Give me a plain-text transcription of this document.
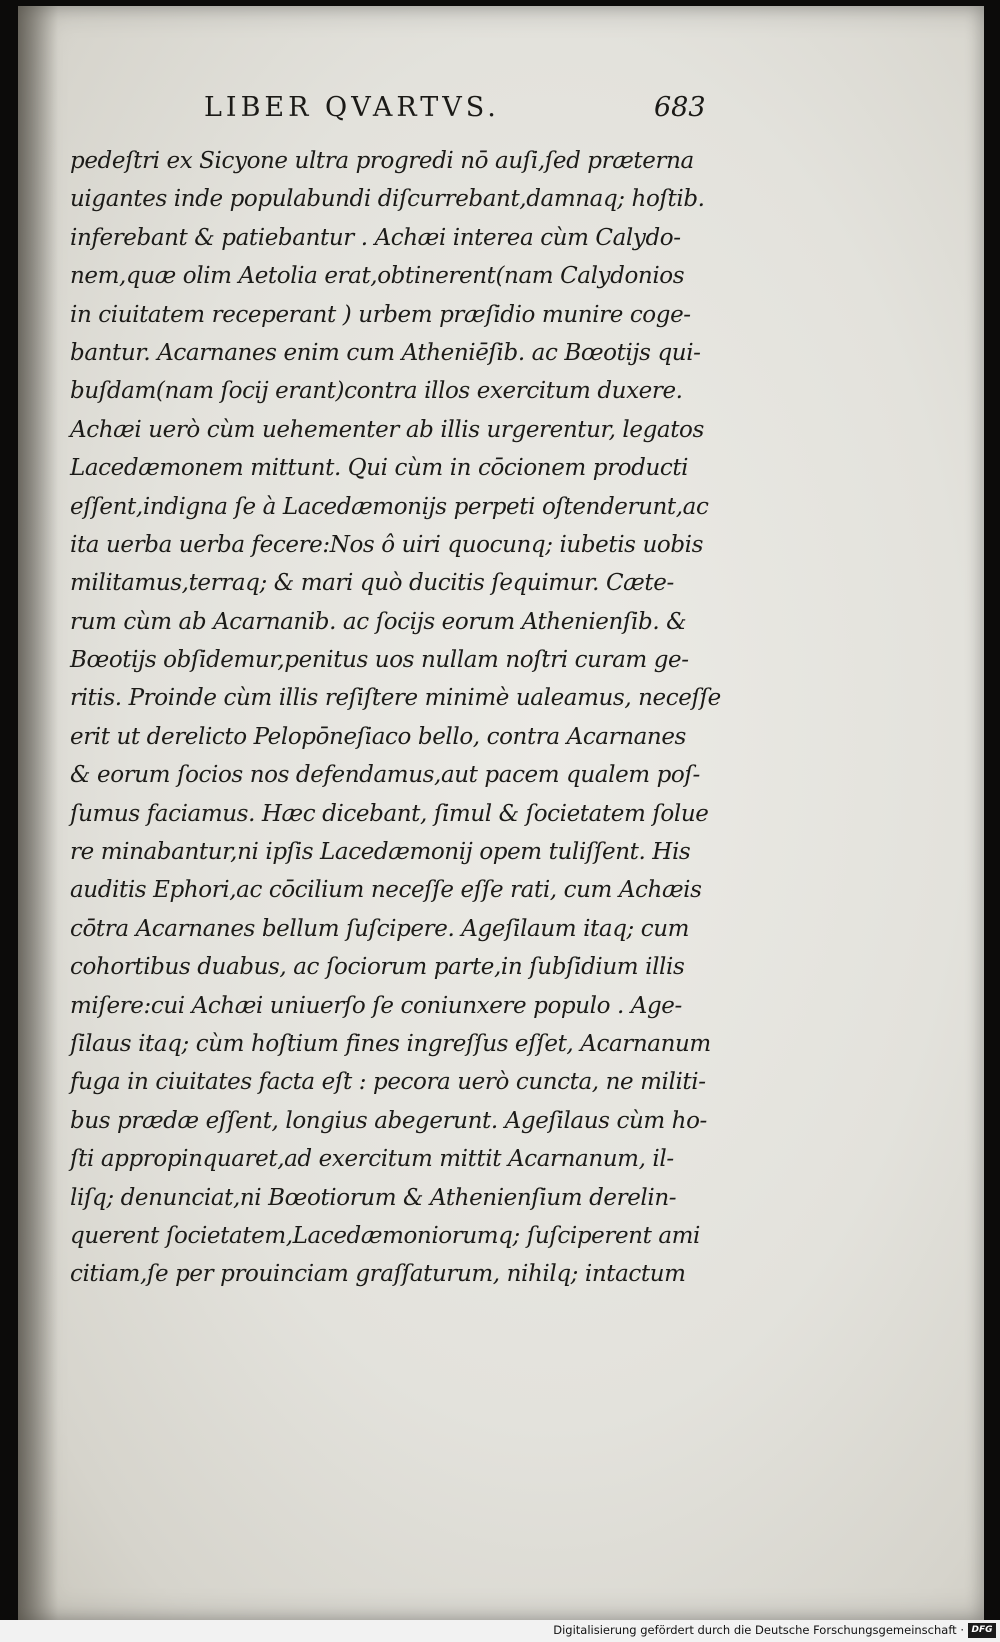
LIBER QVARTVS.	683
pedeſtri ex Sicyone ultra progredi nō auſi,ſed præterna
uigantes inde populabundi diſcurrebant,damnaq; hoſtib.
inferebant & patiebantur . Achæi interea cùm Calydo-
nem,quæ olim Aetolia erat,obtinerent(nam Calydonios
in ciuitatem receperant ) urbem præſidio munire coge-
bantur. Acarnanes enim cum Atheniēſib. ac Bœotijs qui-
buſdam(nam ſocij erant)contra illos exercitum duxere.
Achæi uerò cùm uehementer ab illis urgerentur, legatos
Lacedæmonem mittunt. Qui cùm in cōcionem producti
eſſent,indigna ſe à Lacedæmonijs perpeti oſtenderunt,ac
ita uerba uerba fecere:Nos ô uiri quocunq; iubetis uobis
militamus,terraq; & mari quò ducitis ſequimur. Cæte-
rum cùm ab Acarnanib. ac ſocijs eorum Athenienſib. &
Bœotijs obſidemur,penitus uos nullam noſtri curam ge-
ritis. Proinde cùm illis reſiſtere minimè ualeamus, neceſſe
erit ut derelicto Pelopōneſiaco bello, contra Acarnanes
& eorum ſocios nos defendamus,aut pacem qualem poſ-
ſumus faciamus. Hæc dicebant, ſimul & ſocietatem ſolue
re minabantur,ni ipſis Lacedæmonij opem tuliſſent. His
auditis Ephori,ac cōcilium neceſſe eſſe rati, cum Achæis
cōtra Acarnanes bellum ſuſcipere. Ageſilaum itaq; cum
cohortibus duabus, ac ſociorum parte,in ſubſidium illis
miſere:cui Achæi uniuerſo ſe coniunxere populo . Age-
ſilaus itaq; cùm hoſtium fines ingreſſus eſſet, Acarnanum
fuga in ciuitates facta eſt : pecora uerò cuncta, ne militi-
bus prædæ eſſent, longius abegerunt. Ageſilaus cùm ho-
ſti appropinquaret,ad exercitum mittit Acarnanum, il-
liſq; denunciat,ni Bœotiorum & Athenienſium derelin-
querent ſocietatem,Lacedæmoniorumq; ſuſciperent ami
citiam,ſe per prouinciam graſſaturum, nihilq; intactum
Digitalisierung gefördert durch die Deutsche Forschungsgemeinschaft · DFG
